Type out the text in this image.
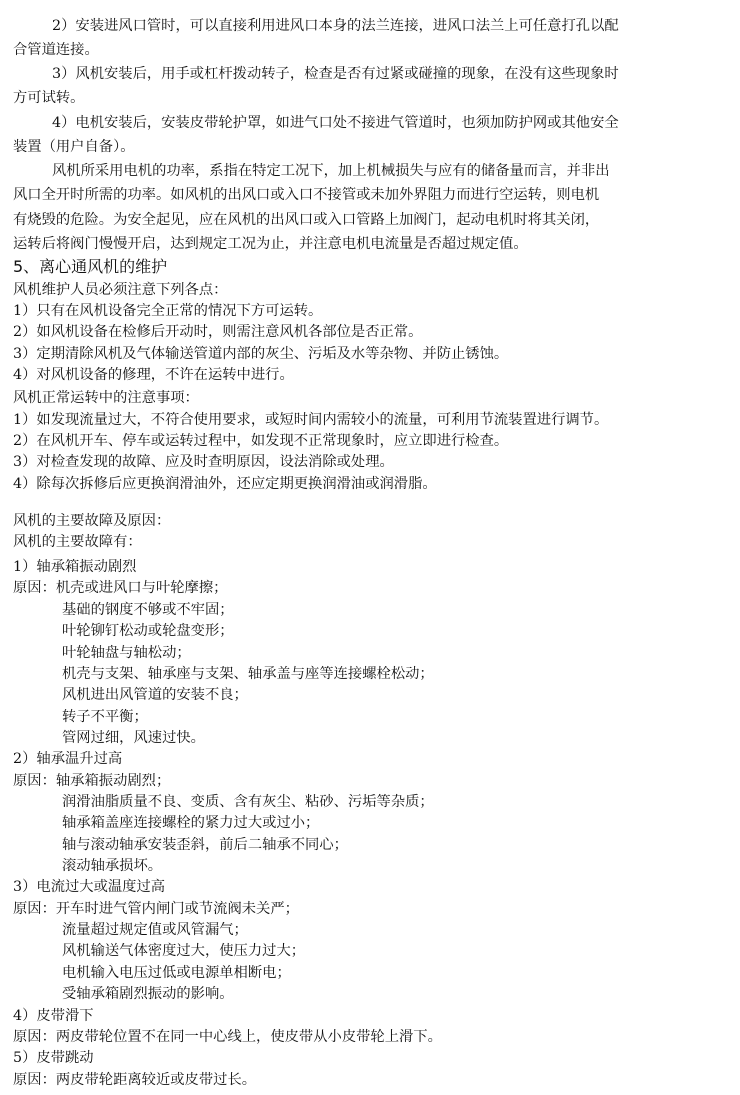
2）安装进风口管时，可以直接利用进风口本身的法兰连接，进风口法兰上可任意打孔以配
合管道连接。
3）风机安装后，用手或杠杆拨动转子，检查是否有过紧或碰撞的现象，在没有这些现象时
方可试转。
4）电机安装后，安装皮带轮护罩，如进气口处不接进气管道时，也须加防护网或其他安全
装置（用户自备）。
风机所采用电机的功率，系指在特定工况下，加上机械损失与应有的储备量而言，并非出
风口全开时所需的功率。如风机的出风口或入口不接管或未加外界阻力而进行空运转，则电机
有烧毁的危险。为安全起见，应在风机的出风口或入口管路上加阀门，起动电机时将其关闭，
运转后将阀门慢慢开启，达到规定工况为止，并注意电机电流量是否超过规定值。
5、离心通风机的维护
风机维护人员必须注意下列各点：
1）只有在风机设备完全正常的情况下方可运转。
2）如风机设备在检修后开动时，则需注意风机各部位是否正常。
3）定期清除风机及气体输送管道内部的灰尘、污垢及水等杂物、并防止锈蚀。
4）对风机设备的修理，不许在运转中进行。
风机正常运转中的注意事项：
1）如发现流量过大，不符合使用要求，或短时间内需较小的流量，可利用节流装置进行调节。
2）在风机开车、停车或运转过程中，如发现不正常现象时，应立即进行检查。
3）对检查发现的故障、应及时查明原因，设法消除或处理。
4）除每次拆修后应更换润滑油外，还应定期更换润滑油或润滑脂。
风机的主要故障及原因：
风机的主要故障有：
1）轴承箱振动剧烈
原因：机壳或进风口与叶轮摩擦；
基础的钢度不够或不牢固；
叶轮铆钉松动或轮盘变形；
叶轮轴盘与轴松动；
机壳与支架、轴承座与支架、轴承盖与座等连接螺栓松动；
风机进出风管道的安装不良；
转子不平衡；
管网过细，风速过快。
2）轴承温升过高
原因：轴承箱振动剧烈；
润滑油脂质量不良、变质、含有灰尘、粘砂、污垢等杂质；
轴承箱盖座连接螺栓的紧力过大或过小；
轴与滚动轴承安装歪斜，前后二轴承不同心；
滚动轴承损坏。
3）电流过大或温度过高
原因：开车时进气管内闸门或节流阀未关严；
流量超过规定值或风管漏气；
风机输送气体密度过大，使压力过大；
电机输入电压过低或电源单相断电；
受轴承箱剧烈振动的影响。
4）皮带滑下
原因：两皮带轮位置不在同一中心线上，使皮带从小皮带轮上滑下。
5）皮带跳动
原因：两皮带轮距离较近或皮带过长。
